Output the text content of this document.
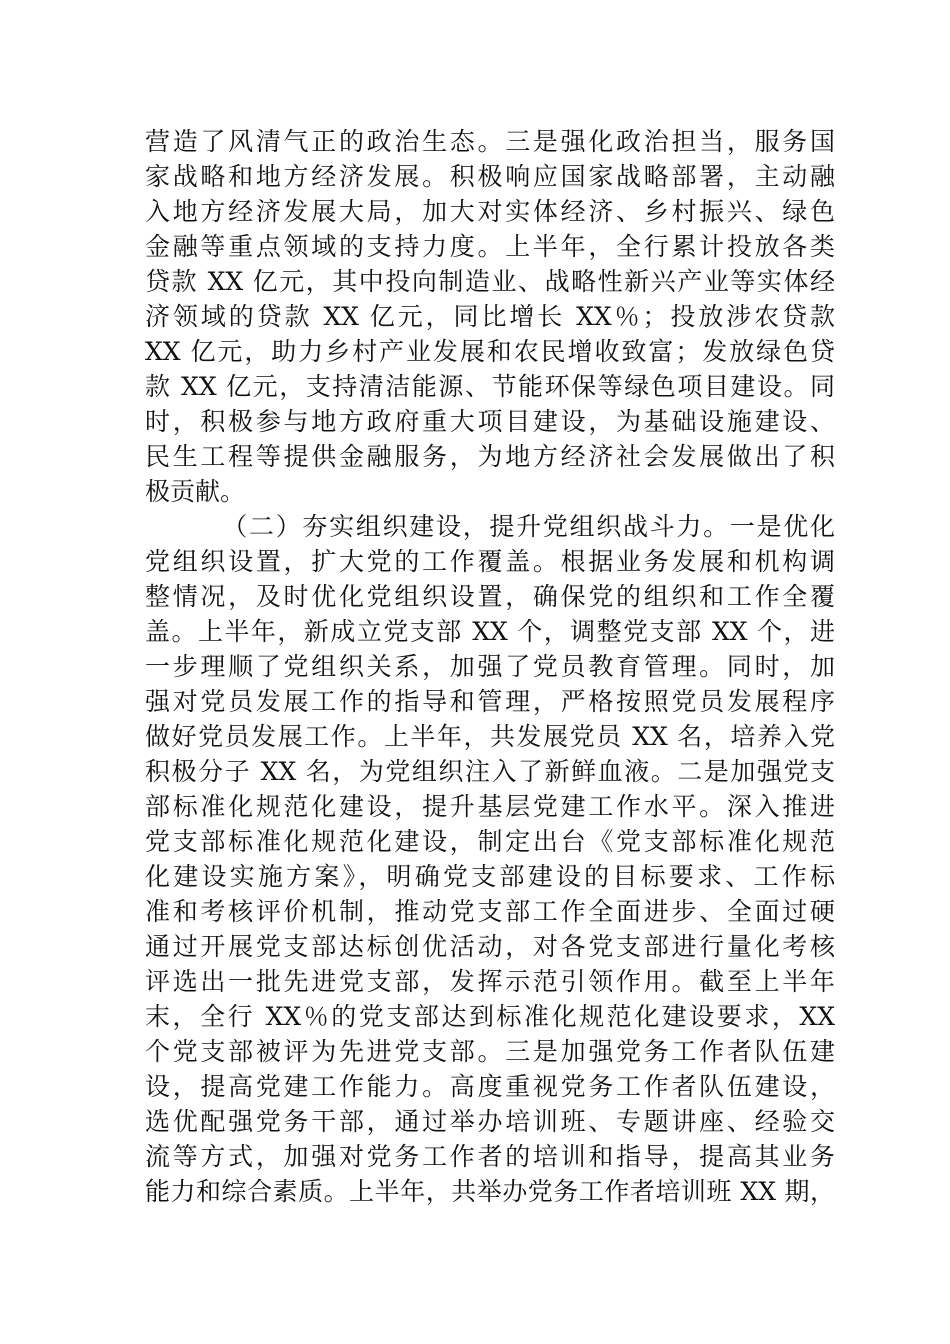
营造了风清气正的政治生态。三是强化政治担当，服务国
家战略和地方经济发展。积极响应国家战略部署，主动融
入地方经济发展大局，加大对实体经济、乡村振兴、绿色
金融等重点领域的支持力度。上半年，全行累计投放各类
贷款 XX 亿元，其中投向制造业、战略性新兴产业等实体经
济领域的贷款 XX 亿元，同比增长 XX％；投放涉农贷款
XX 亿元，助力乡村产业发展和农民增收致富；发放绿色贷
款 XX 亿元，支持清洁能源、节能环保等绿色项目建设。同
时，积极参与地方政府重大项目建设，为基础设施建设、
民生工程等提供金融服务，为地方经济社会发展做出了积
极贡献。
（二）夯实组织建设，提升党组织战斗力。一是优化
党组织设置，扩大党的工作覆盖。根据业务发展和机构调
整情况，及时优化党组织设置，确保党的组织和工作全覆
盖。上半年，新成立党支部 XX 个，调整党支部 XX 个，进
一步理顺了党组织关系，加强了党员教育管理。同时，加
强对党员发展工作的指导和管理，严格按照党员发展程序
做好党员发展工作。上半年，共发展党员 XX 名，培养入党
积极分子 XX 名，为党组织注入了新鲜血液。二是加强党支
部标准化规范化建设，提升基层党建工作水平。深入推进
党支部标准化规范化建设，制定出台《党支部标准化规范
化建设实施方案》，明确党支部建设的目标要求、工作标
准和考核评价机制，推动党支部工作全面进步、全面过硬
通过开展党支部达标创优活动，对各党支部进行量化考核
评选出一批先进党支部，发挥示范引领作用。截至上半年
末，全行 XX％的党支部达到标准化规范化建设要求，XX
个党支部被评为先进党支部。三是加强党务工作者队伍建
设，提高党建工作能力。高度重视党务工作者队伍建设，
选优配强党务干部，通过举办培训班、专题讲座、经验交
流等方式，加强对党务工作者的培训和指导，提高其业务
能力和综合素质。上半年，共举办党务工作者培训班 XX 期，
